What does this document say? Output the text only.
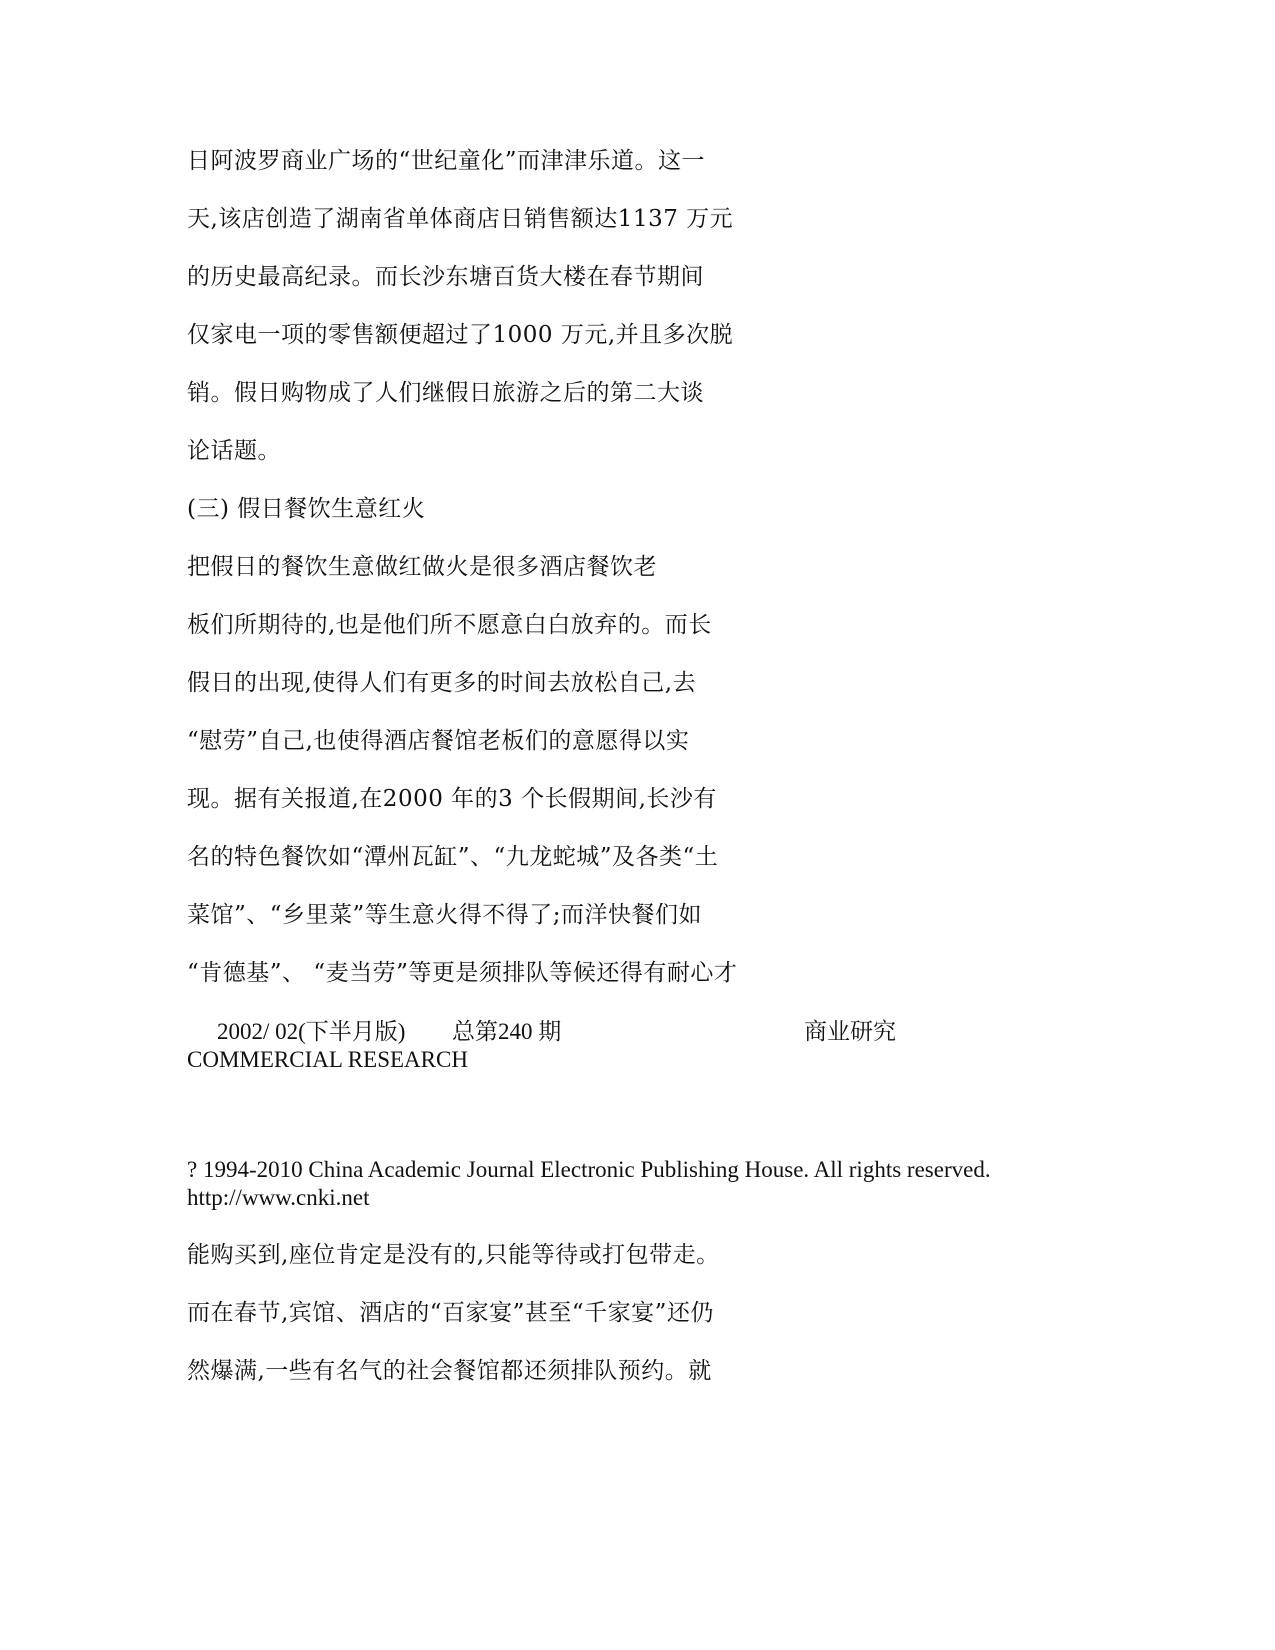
日阿波罗商业广场的“世纪童化”而津津乐道。这一
天,该店创造了湖南省单体商店日销售额达1137 万元
的历史最高纪录。而长沙东塘百货大楼在春节期间
仅家电一项的零售额便超过了1000 万元,并且多次脱
销。假日购物成了人们继假日旅游之后的第二大谈
论话题。
(三) 假日餐饮生意红火
把假日的餐饮生意做红做火是很多酒店餐饮老
板们所期待的,也是他们所不愿意白白放弃的。而长
假日的出现,使得人们有更多的时间去放松自己,去
“慰劳”自己,也使得酒店餐馆老板们的意愿得以实
现。据有关报道,在2000 年的3 个长假期间,长沙有
名的特色餐饮如“潭州瓦缸”、“九龙蛇城”及各类“土
菜馆”、“乡里菜”等生意火得不得了;而洋快餐们如
“肯德基”、 “麦当劳”等更是须排队等候还得有耐心才
2002/ 02(下半月版) 总第240 期	商业研究
COMMERCIAL RESEARCH
? 1994-2010 China Academic Journal Electronic Publishing House. All rights reserved.
http://www.cnki.net
能购买到,座位肯定是没有的,只能等待或打包带走。
而在春节,宾馆、酒店的“百家宴”甚至“千家宴”还仍
然爆满,一些有名气的社会餐馆都还须排队预约。就
